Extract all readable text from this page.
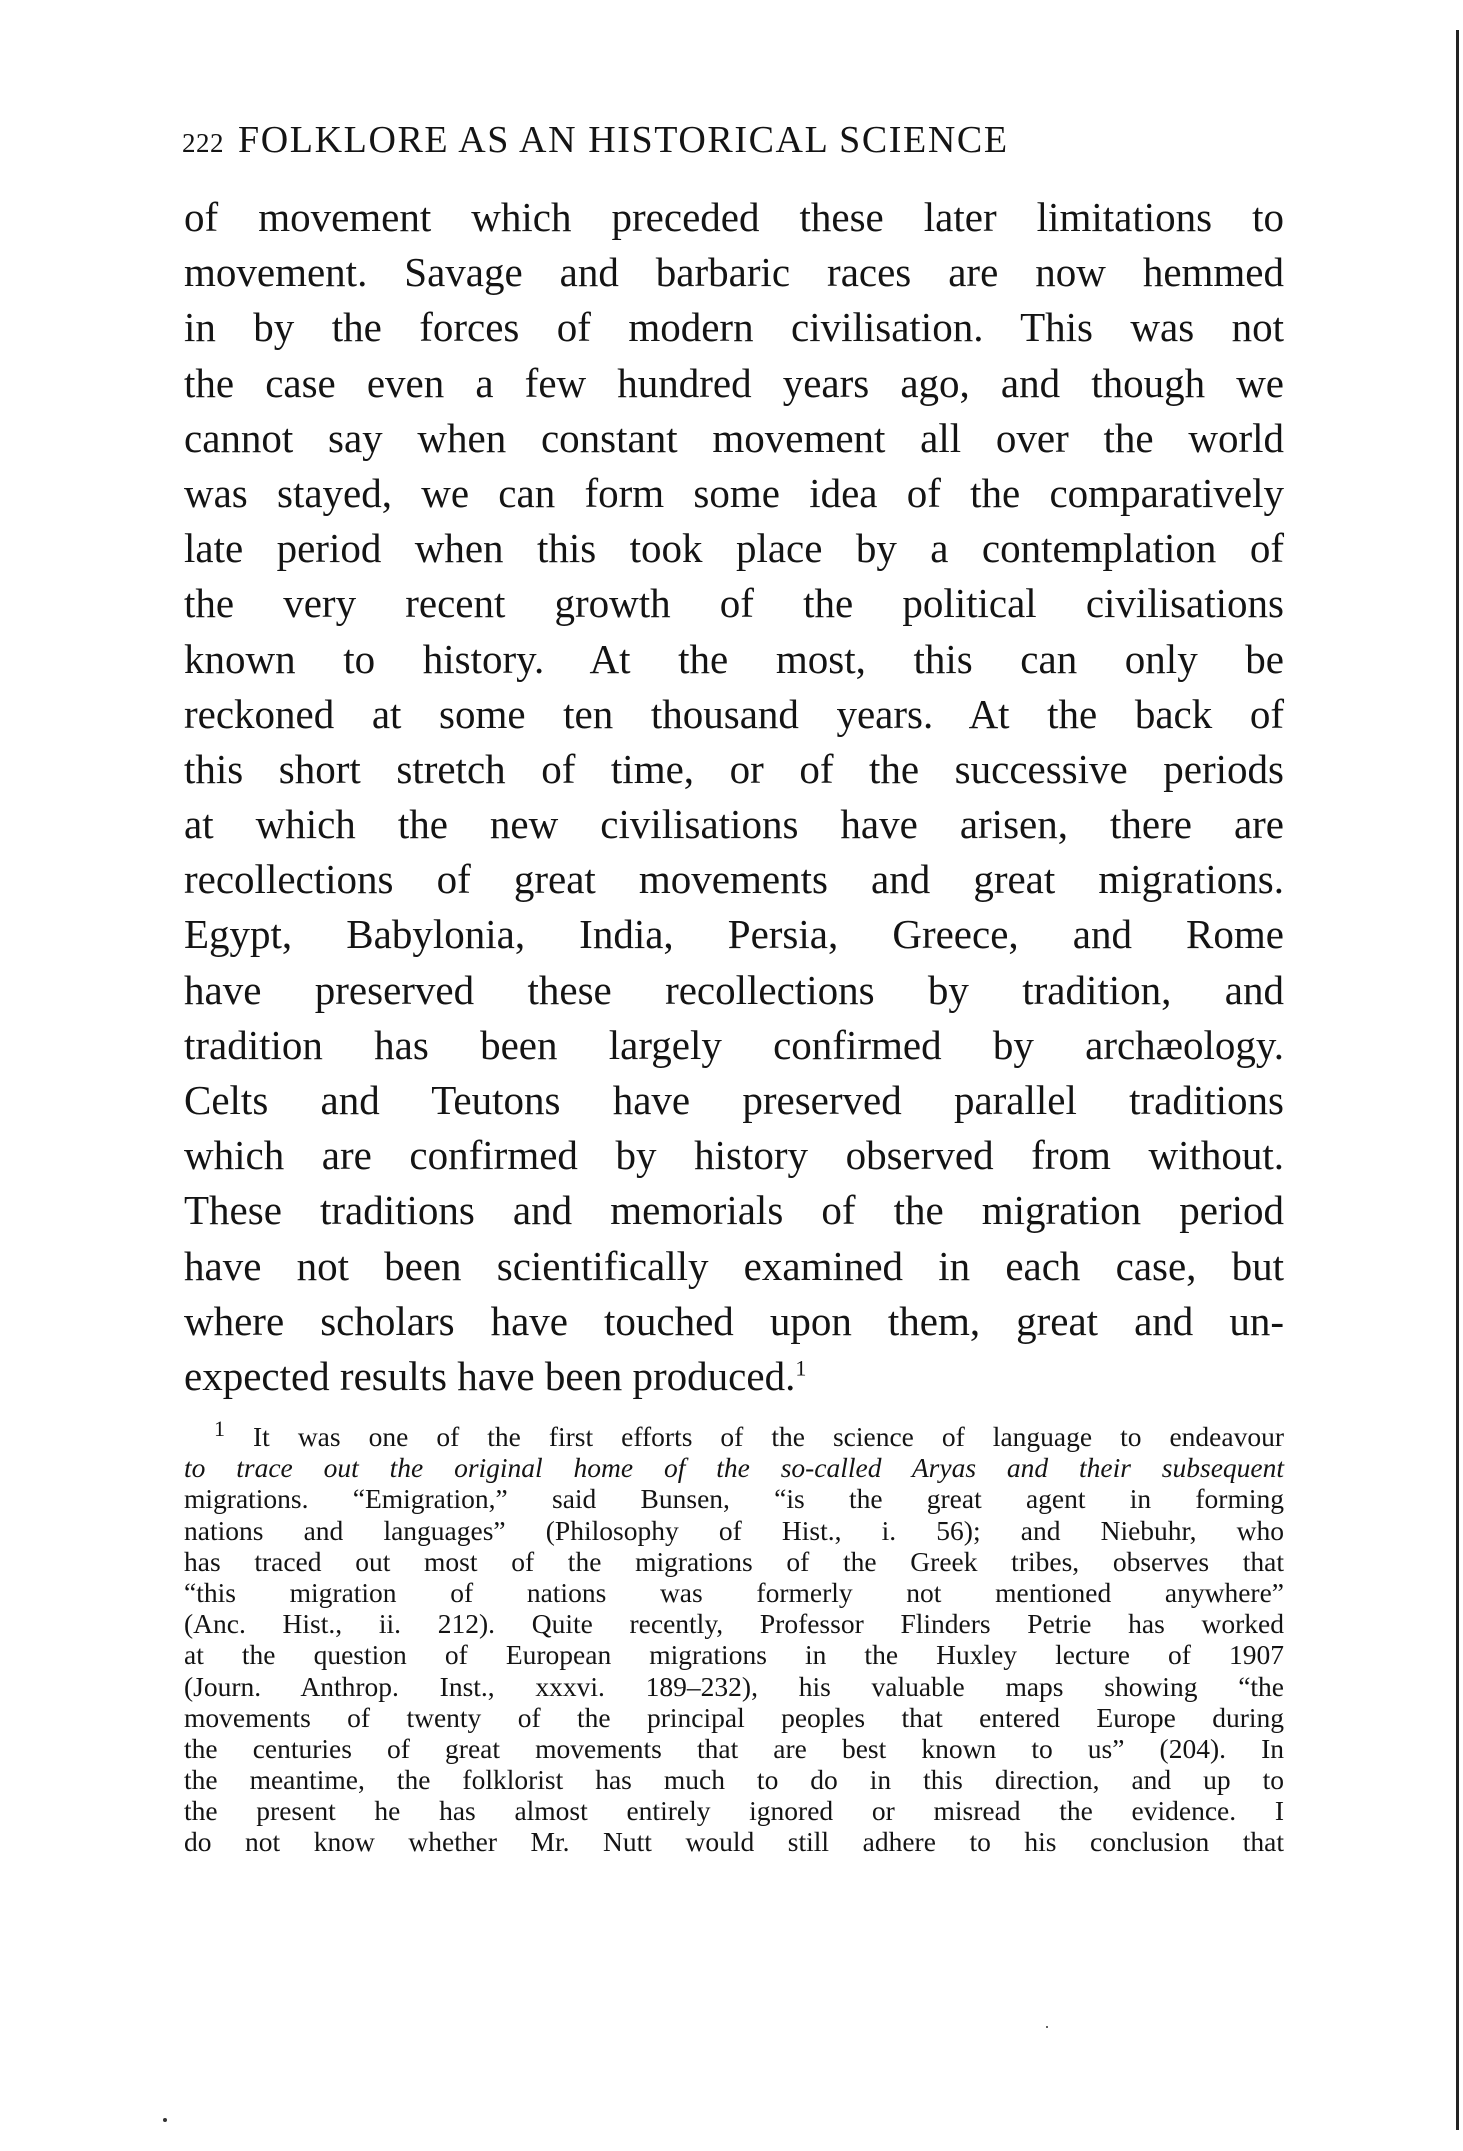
222 FOLKLORE AS AN HISTORICAL SCIENCE
of movement which preceded these later limitations to
movement. Savage and barbaric races are now hemmed
in by the forces of modern civilisation. This was not
the case even a few hundred years ago, and though we
cannot say when constant movement all over the world
was stayed, we can form some idea of the comparatively
late period when this took place by a contemplation of
the very recent growth of the political civilisations
known to history. At the most, this can only be
reckoned at some ten thousand years. At the back of
this short stretch of time, or of the successive periods
at which the new civilisations have arisen, there are
recollections of great movements and great migrations.
Egypt, Babylonia, India, Persia, Greece, and Rome
have preserved these recollections by tradition, and
tradition has been largely confirmed by archæology.
Celts and Teutons have preserved parallel traditions
which are confirmed by history observed from without.
These traditions and memorials of the migration period
have not been scientifically examined in each case, but
where scholars have touched upon them, great and un-
expected results have been produced.$^1$
$^1$ It was one of the first efforts of the science of language to endeavour
to trace out the original home of the so-called Aryas and their subsequent
migrations. “Emigration,” said Bunsen, “is the great agent in forming
nations and languages” (Philosophy of Hist., i. 56); and Niebuhr, who
has traced out most of the migrations of the Greek tribes, observes that
“this migration of nations was formerly not mentioned anywhere”
(Anc. Hist., ii. 212). Quite recently, Professor Flinders Petrie has worked
at the question of European migrations in the Huxley lecture of 1907
(Journ. Anthrop. Inst., xxxvi. 189–232), his valuable maps showing “the
movements of twenty of the principal peoples that entered Europe during
the centuries of great movements that are best known to us” (204). In
the meantime, the folklorist has much to do in this direction, and up to
the present he has almost entirely ignored or misread the evidence. I
do not know whether Mr. Nutt would still adhere to his conclusion that
